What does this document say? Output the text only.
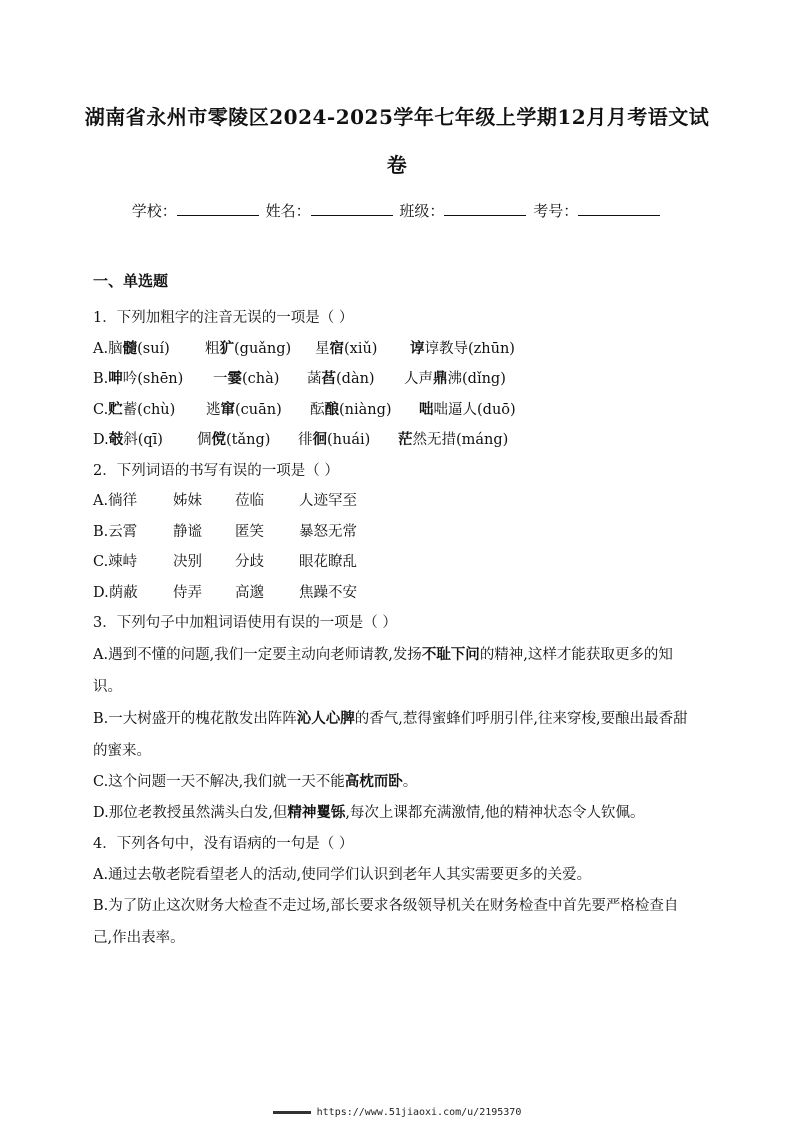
湖南省永州市零陵区2024-2025学年七年级上学期12月月考语文试
卷
学校：	姓名：	班级：	考号：
一、单选题
1．下列加粗字的注音无误的一项是（ ）
A.脑髓(suí) 粗犷(guǎng) 星宿(xiǔ) 谆谆教导(zhūn)
B.呻吟(shēn) 一霎(chà) 菡萏(dàn) 人声鼎沸(dǐng)
C.贮蓄(chù) 逃窜(cuān) 酝酿(niàng) 咄咄逼人(duō)
D.攲斜(qī) 倜傥(tǎng) 徘徊(huái) 茫然无措(máng)
2．下列词语的书写有误的一项是（ ）
A.徜徉 姊妹 莅临 人迹罕至
B.云霄 静谧 匿笑 暴怒无常
C.竦峙 决别 分歧 眼花瞭乱
D.荫蔽 侍弄 高邈 焦躁不安
3．下列句子中加粗词语使用有误的一项是（ ）
A.遇到不懂的问题,我们一定要主动向老师请教,发扬不耻下问的精神,这样才能获取更多的知识。
B.一大树盛开的槐花散发出阵阵沁人心脾的香气,惹得蜜蜂们呼朋引伴,往来穿梭,要酿出最香甜的蜜来。
C.这个问题一天不解决,我们就一天不能高枕而卧。
D.那位老教授虽然满头白发,但精神矍铄,每次上课都充满激情,他的精神状态令人钦佩。
4．下列各句中，没有语病的一句是（ ）
A.通过去敬老院看望老人的活动,使同学们认识到老年人其实需要更多的关爱。
B.为了防止这次财务大检查不走过场,部长要求各级领导机关在财务检查中首先要严格检查自己,作出表率。
https://www.51jiaoxi.com/u/2195370
